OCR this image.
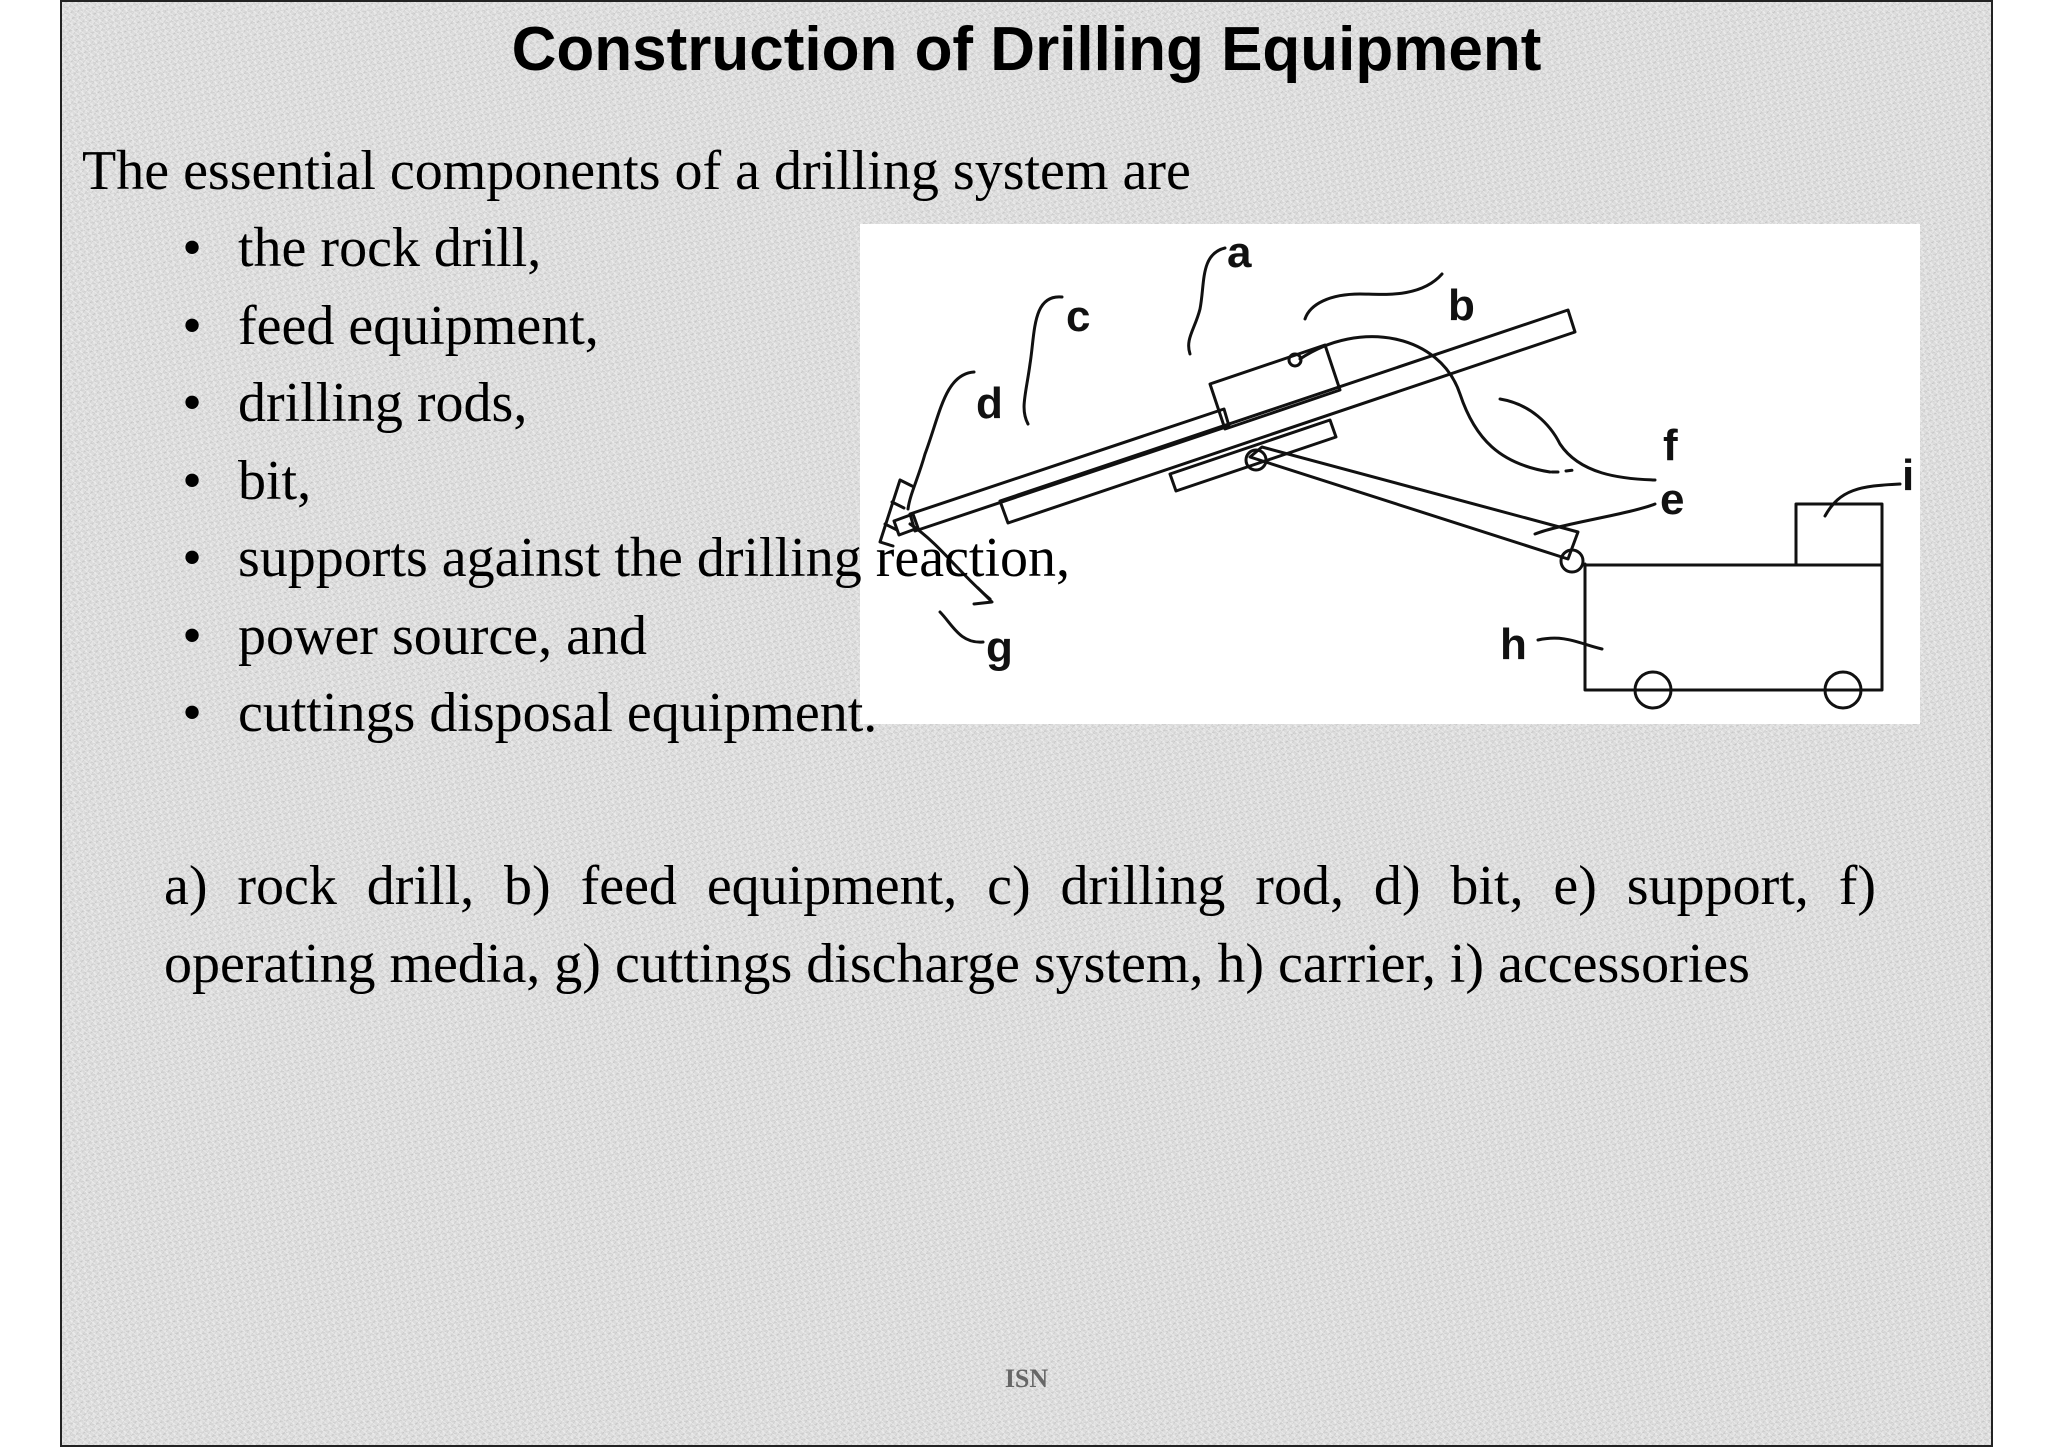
Construction of Drilling Equipment
The essential components of a drilling system are
• the rock drill,
• feed equipment,
• drilling rods,
• bit,
• supports against the drilling reaction,
• power source, and
• cuttings disposal equipment.
a
b
c
d
e
f
g	h
i
a) rock drill, b) feed equipment, c) drilling rod, d) bit, e) support, f) operating media, g) cuttings discharge system, h) carrier, i) accessories
ISN
